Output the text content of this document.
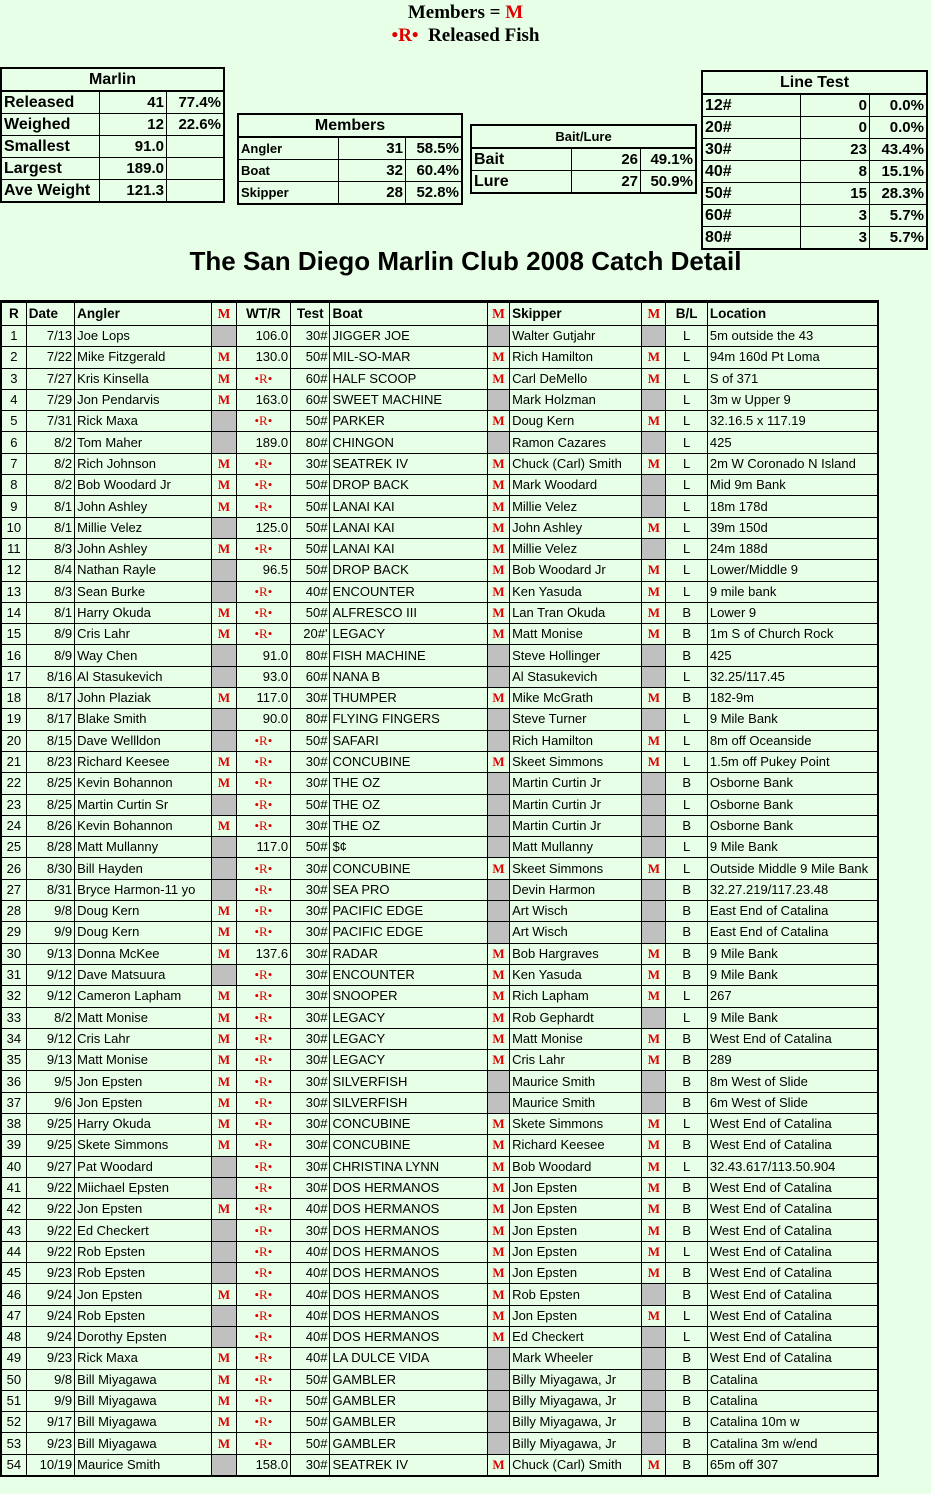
Members = M
•R• Released Fish
Marlin		
Released	41	77.4%
Weighed	12	22.6%
Smallest	91.0	
Largest	189.0	
Ave Weight	121.3	
Members		
Angler	31	58.5%
Boat	32	60.4%
Skipper	28	52.8%
Bait/Lure		
Bait	26	49.1%
Lure	27	50.9%
Line Test		
12#	0	0.0%
20#	0	0.0%
30#	23	43.4%
40#	8	15.1%
50#	15	28.3%
60#	3	5.7%
80#	3	5.7%
The San Diego Marlin Club 2008 Catch Detail
R	Date	Angler	M	WT/R	Test	Boat	M	Skipper	M	B/L	Location
1	7/13	Joe Lops		106.0	30#	JIGGER JOE		Walter Gutjahr		L	5m outside the 43
2	7/22	Mike Fitzgerald	M	130.0	50#	MIL-SO-MAR	M	Rich Hamilton	M	L	94m 160d Pt Loma
3	7/27	Kris Kinsella	M	•R•	60#	HALF SCOOP	M	Carl DeMello	M	L	S of 371
4	7/29	Jon Pendarvis	M	163.0	60#	SWEET MACHINE		Mark Holzman		L	3m w Upper 9
5	7/31	Rick Maxa		•R•	50#	PARKER	M	Doug Kern	M	L	32.16.5 x 117.19
6	8/2	Tom Maher		189.0	80#	CHINGON		Ramon Cazares		L	425
7	8/2	Rich Johnson	M	•R•	30#	SEATREK IV	M	Chuck (Carl) Smith	M	L	2m W Coronado N Island
8	8/2	Bob Woodard Jr	M	•R•	50#	DROP BACK	M	Mark Woodard		L	Mid 9m Bank
9	8/1	John Ashley	M	•R•	50#	LANAI KAI	M	Millie Velez		L	18m 178d
10	8/1	Millie Velez		125.0	50#	LANAI KAI	M	John Ashley	M	L	39m 150d
11	8/3	John Ashley	M	•R•	50#	LANAI KAI	M	Millie Velez		L	24m 188d
12	8/4	Nathan Rayle		96.5	50#	DROP BACK	M	Bob Woodard Jr	M	L	Lower/Middle 9
13	8/3	Sean Burke		•R•	40#	ENCOUNTER	M	Ken Yasuda	M	L	9 mile bank
14	8/1	Harry Okuda	M	•R•	50#	ALFRESCO III	M	Lan Tran Okuda	M	B	Lower 9
15	8/9	Cris Lahr	M	•R•	20#'	LEGACY	M	Matt Monise	M	B	1m S of Church Rock
16	8/9	Way Chen		91.0	80#	FISH MACHINE		Steve Hollinger		B	425
17	8/16	Al Stasukevich		93.0	60#	NANA B		Al Stasukevich		L	32.25/117.45
18	8/17	John Plaziak	M	117.0	30#	THUMPER	M	Mike McGrath	M	B	182-9m
19	8/17	Blake Smith		90.0	80#	FLYING FINGERS		Steve Turner		L	9 Mile Bank
20	8/15	Dave Wellldon		•R•	50#	SAFARI		Rich Hamilton	M	L	8m off Oceanside
21	8/23	Richard Keesee	M	•R•	30#	CONCUBINE	M	Skeet Simmons	M	L	1.5m off Pukey Point
22	8/25	Kevin Bohannon	M	•R•	30#	THE OZ		Martin Curtin Jr		B	Osborne Bank
23	8/25	Martin Curtin Sr		•R•	50#	THE OZ		Martin Curtin Jr		L	Osborne Bank
24	8/26	Kevin Bohannon	M	•R•	30#	THE OZ		Martin Curtin Jr		B	Osborne Bank
25	8/28	Matt Mullanny		117.0	50#	$¢		Matt Mullanny		L	9 Mile Bank
26	8/30	Bill Hayden		•R•	30#	CONCUBINE	M	Skeet Simmons	M	L	Outside Middle 9 Mile Bank
27	8/31	Bryce Harmon-11 yo		•R•	30#	SEA PRO		Devin Harmon		B	32.27.219/117.23.48
28	9/8	Doug Kern	M	•R•	30#	PACIFIC EDGE		Art Wisch		B	East End of Catalina
29	9/9	Doug Kern	M	•R•	30#	PACIFIC EDGE		Art Wisch		B	East End of Catalina
30	9/13	Donna McKee	M	137.6	30#	RADAR	M	Bob Hargraves	M	B	9 Mile Bank
31	9/12	Dave Matsuura		•R•	30#	ENCOUNTER	M	Ken Yasuda	M	B	9 Mile Bank
32	9/12	Cameron Lapham	M	•R•	30#	SNOOPER	M	Rich Lapham	M	L	267
33	8/2	Matt Monise	M	•R•	30#	LEGACY	M	Rob Gephardt		L	9 Mile Bank
34	9/12	Cris Lahr	M	•R•	30#	LEGACY	M	Matt Monise	M	B	West End of Catalina
35	9/13	Matt Monise	M	•R•	30#	LEGACY	M	Cris Lahr	M	B	289
36	9/5	Jon Epsten	M	•R•	30#	SILVERFISH		Maurice Smith		B	8m West of Slide
37	9/6	Jon Epsten	M	•R•	30#	SILVERFISH		Maurice Smith		B	6m West of Slide
38	9/25	Harry Okuda	M	•R•	30#	CONCUBINE	M	Skete Simmons	M	L	West End of Catalina
39	9/25	Skete Simmons	M	•R•	30#	CONCUBINE	M	Richard Keesee	M	B	West End of Catalina
40	9/27	Pat Woodard		•R•	30#	CHRISTINA LYNN	M	Bob Woodard	M	L	32.43.617/113.50.904
41	9/22	Miichael Epsten		•R•	30#	DOS HERMANOS	M	Jon Epsten	M	B	West End of Catalina
42	9/22	Jon Epsten	M	•R•	40#	DOS HERMANOS	M	Jon Epsten	M	B	West End of Catalina
43	9/22	Ed Checkert		•R•	30#	DOS HERMANOS	M	Jon Epsten	M	B	West End of Catalina
44	9/22	Rob Epsten		•R•	40#	DOS HERMANOS	M	Jon Epsten	M	L	West End of Catalina
45	9/23	Rob Epsten		•R•	40#	DOS HERMANOS	M	Jon Epsten	M	B	West End of Catalina
46	9/24	Jon Epsten	M	•R•	40#	DOS HERMANOS	M	Rob Epsten		B	West End of Catalina
47	9/24	Rob Epsten		•R•	40#	DOS HERMANOS	M	Jon Epsten	M	L	West End of Catalina
48	9/24	Dorothy Epsten		•R•	40#	DOS HERMANOS	M	Ed Checkert		L	West End of Catalina
49	9/23	Rick Maxa	M	•R•	40#	LA DULCE VIDA		Mark Wheeler		B	West End of Catalina
50	9/8	Bill Miyagawa	M	•R•	50#	GAMBLER		Billy Miyagawa, Jr		B	Catalina
51	9/9	Bill Miyagawa	M	•R•	50#	GAMBLER		Billy Miyagawa, Jr		B	Catalina
52	9/17	Bill Miyagawa	M	•R•	50#	GAMBLER		Billy Miyagawa, Jr		B	Catalina 10m w
53	9/23	Bill Miyagawa	M	•R•	50#	GAMBLER		Billy Miyagawa, Jr		B	Catalina 3m w/end
54	10/19	Maurice Smith		158.0	30#	SEATREK IV	M	Chuck (Carl) Smith	M	B	65m off 307
